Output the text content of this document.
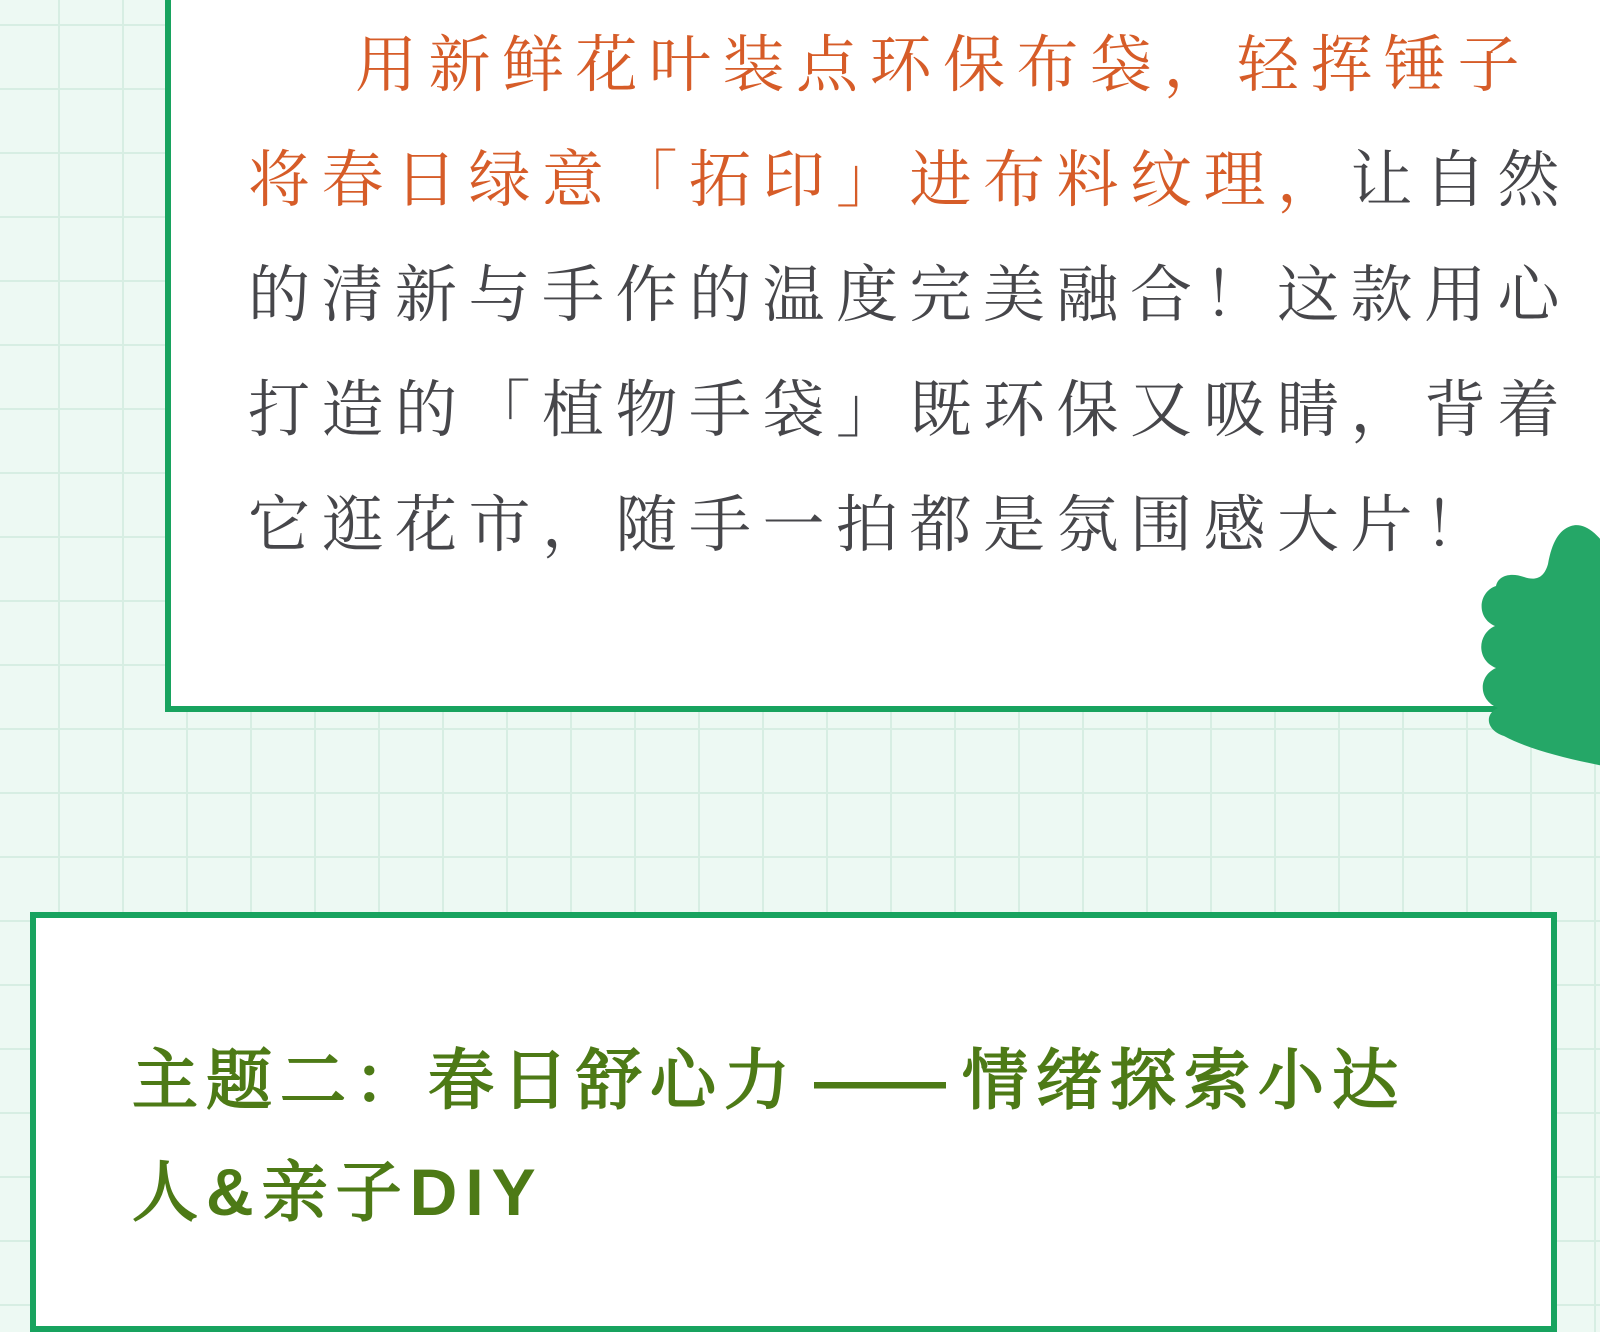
用新鲜花叶装点环保布袋，轻挥锤子
将春日绿意「拓印」进布料纹理，让自然
的清新与手作的温度完美融合！这款用心
打造的「植物手袋」既环保又吸睛，背着
它逛花市，随手一拍都是氛围感大片！
主题二：春日舒心力 —— 情绪探索小达
人&亲子DIY
